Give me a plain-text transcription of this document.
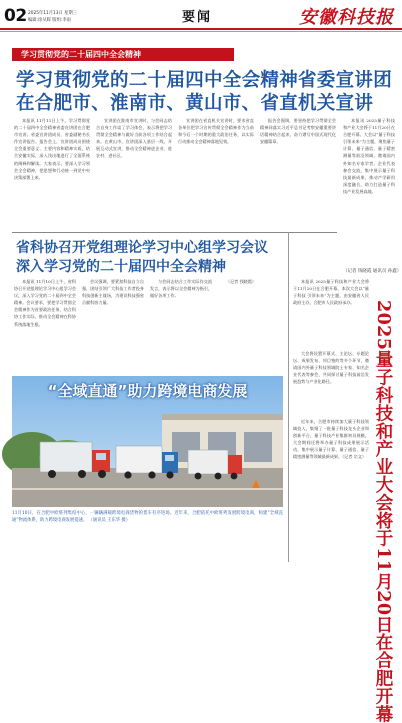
02 2025年11月13日 星期三
编辑:徐从晖 版组:李雨	要闻	安徽科技报
学习贯彻党的二十届四中全会精神
学习贯彻党的二十届四中全会精神省委宣讲团
在合肥市、淮南市、黄山市、省直机关宣讲

本报讯 11月11日上午，学习贯彻党的二十届四中全会精神省委宣讲团在合肥市宣讲。省委宣讲团成员、省委副秘书长作宣讲报告。报告会上，宣讲团成员围绕全会重要意义、主要内容和精神实质，结合安徽实际，深入浅出地进行了全面系统的阐释和解读。大家表示，要深入学习领会全会精神，把思想和行动统一到党中央决策部署上来。

宣讲团在淮南市宣讲时，与会同志结合自身工作谈了学习体会，表示将把学习贯彻全会精神与做好当前各项工作结合起来。在黄山市，宣讲团深入基层一线，开展互动式宣讲，推动全会精神进企业、进农村、进社区。

宣讲团在省直机关宣讲时，要求省直各单位把学习宣传贯彻全会精神作为当前和今后一个时期的重大政治任务，以实际行动推动全会精神落地见效。

报告会强调，要坚持把学习贯彻全会精神同落实习近平总书记考察安徽重要讲话精神结合起来，奋力谱写中国式现代化安徽篇章。

本报讯 2025量子科技和产业大会将于11月20日在合肥开幕。大会以“量子科技 引领未来”为主题，聚焦量子计算、量子通信、量子精密测量等前沿领域，邀请国内外知名专家学者、企业代表参会交流，集中展示量子科技最新成果，推动产学研用深度融合，助力打造量子科技产业发展高地。

（记者 钱晓霞 通讯员 孙鑫）
省科协召开党组理论学习中心组学习会议
深入学习党的二十届四中全会精神

本报讯 11月10日上午，省科协召开党组理论学习中心组学习会议，深入学习党的二十届四中全会精神。会议要求，要把学习贯彻全会精神作为首要政治任务，结合科协工作实际，推动全会精神在科协系统落地生根。

会议强调，要紧扣科技自立自强，团结引领广大科技工作者投身科技创新主战场，为建设科技强省贡献科协力量。

与会同志结合工作实际作交流发言，表示将以全会精神为指引，做好各项工作。

（记者 钱晓霞）

“全域直通”助力跨境电商发展
11月10日，在合肥中欧班列集结中心，一辆辆满载跨境电商货物的货车有序进场。近年来，合肥依托中欧班列发展跨境电商，构建“全域直通”物流体系，助力跨境电商发展提速。 （通讯员 王东华 摄）

本报讯 2025量子科技和产业大会将于11月20日在合肥开幕。本次大会以“量子科技 引领未来”为主题，由安徽省人民政府主办，合肥市人民政府承办。

大会将设置开幕式、主论坛、专题论坛、成果发布、项目签约等多个环节，邀请国内外量子科技领域院士专家、知名企业代表等参会，共同探讨量子科技前沿发展趋势与产业化路径。

近年来，合肥市持续加大量子科技领域投入，集聚了一批量子科技龙头企业和创新平台，量子科技产业集群初具规模。大会期间还将举办量子科技成果展示活动，集中展示量子计算、量子通信、量子精密测量等领域最新成果。（记者 宗文） 2025量子科技和产业大会将于11月20日在合肥开幕
